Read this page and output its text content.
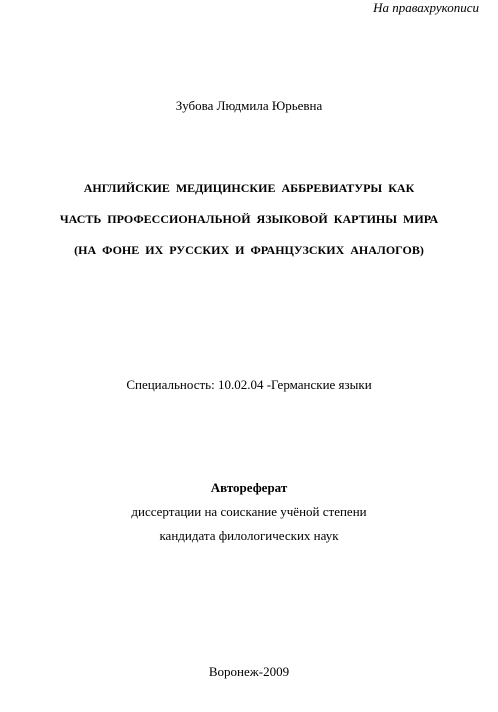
На правахрукописи
Зубова Людмила Юрьевна
АНГЛИЙСКИЕ МЕДИЦИНСКИЕ АББРЕВИАТУРЫ КАК
ЧАСТЬ ПРОФЕССИОНАЛЬНОЙ ЯЗЫКОВОЙ КАРТИНЫ МИРА
(НА ФОНЕ ИХ РУССКИХ И ФРАНЦУЗСКИХ АНАЛОГОВ)
Специальность: 10.02.04 -Германские языки
Автореферат
диссертации на соискание учёной степени
кандидата филологических наук
Воронеж-2009
